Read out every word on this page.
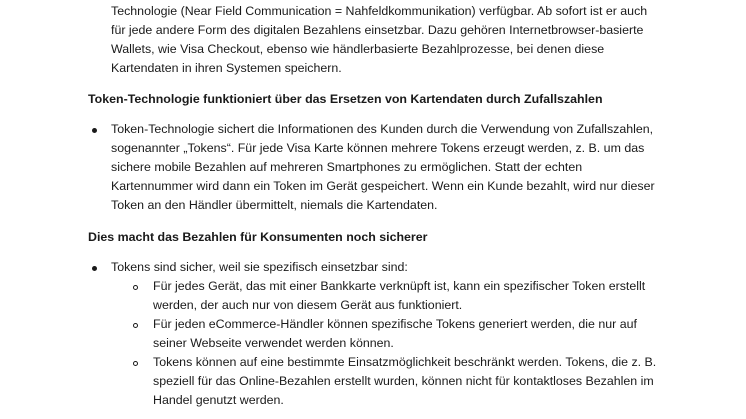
Technologie (Near Field Communication = Nahfeldkommunikation) verfügbar. Ab sofort ist er auch
für jede andere Form des digitalen Bezahlens einsetzbar. Dazu gehören Internetbrowser-basierte
Wallets, wie Visa Checkout, ebenso wie händlerbasierte Bezahlprozesse, bei denen diese
Kartendaten in ihren Systemen speichern.
Token-Technologie funktioniert über das Ersetzen von Kartendaten durch Zufallszahlen
Token-Technologie sichert die Informationen des Kunden durch die Verwendung von Zufallszahlen,
sogenannter „Tokens“. Für jede Visa Karte können mehrere Tokens erzeugt werden, z. B. um das
sichere mobile Bezahlen auf mehreren Smartphones zu ermöglichen. Statt der echten
Kartennummer wird dann ein Token im Gerät gespeichert. Wenn ein Kunde bezahlt, wird nur dieser
Token an den Händler übermittelt, niemals die Kartendaten.
Dies macht das Bezahlen für Konsumenten noch sicherer
Tokens sind sicher, weil sie spezifisch einsetzbar sind:
Für jedes Gerät, das mit einer Bankkarte verknüpft ist, kann ein spezifischer Token erstellt
werden, der auch nur von diesem Gerät aus funktioniert.
Für jeden eCommerce-Händler können spezifische Tokens generiert werden, die nur auf
seiner Webseite verwendet werden können.
Tokens können auf eine bestimmte Einsatzmöglichkeit beschränkt werden. Tokens, die z. B.
speziell für das Online-Bezahlen erstellt wurden, können nicht für kontaktloses Bezahlen im
Handel genutzt werden.
